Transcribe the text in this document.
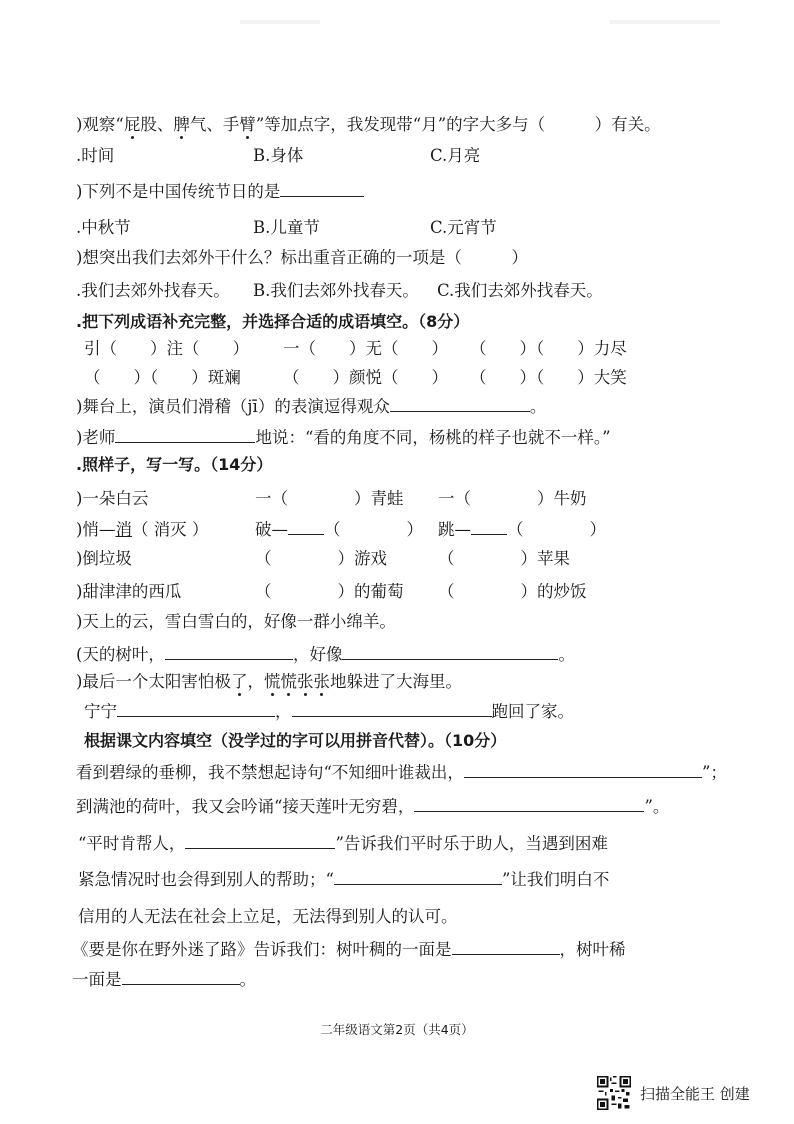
)观察“屁股、脾气、手臂”等加点字，我发现带“月”的字大多与（　　　）有关。
.时间	B.身体	C.月亮
)下列不是中国传统节日的是
.中秋节	B.儿童节	C.元宵节
)想突出我们去郊外干什么？标出重音正确的一项是（　　　）
.我们去郊外找春天。 B.我们去郊外找春天。 C.我们去郊外找春天。
.把下列成语补充完整，并选择合适的成语填空。（8分）
引（　　）注（　　） 一（　　）无（　　） （　　）（　　）力尽
（　　）（　　）斑斓	（　　）颜悦（　　） （　　）（　　）大笑
)舞台上，演员们滑稽（jī）的表演逗得观众	。
)老师	地说：“看的角度不同，杨桃的样子也就不一样。”
.照样子，写一写。（14分）
)一朵白云	一（　　　　）青蛙 一（　　　　）牛奶
)悄—消（ 消灭 ）	破— （　　　　） 跳— （　　　　）
)倒垃圾	（　　　　）游戏	（　　　　）苹果
)甜津津的西瓜	（　　　　）的葡萄 （　　　　）的炒饭
)天上的云，雪白雪白的，好像一群小绵羊。
(天的树叶，	，好像	。
)最后一个太阳害怕极了，慌慌张张地躲进了大海里。
宁宁	，	跑回了家。
根据课文内容填空（没学过的字可以用拼音代替）。（10分）
看到碧绿的垂柳，我不禁想起诗句“不知细叶谁裁出，	”；
到满池的荷叶，我又会吟诵“接天莲叶无穷碧，	”。
“平时肯帮人，	”告诉我们平时乐于助人，当遇到困难
紧急情况时也会得到别人的帮助；“	”让我们明白不
信用的人无法在社会上立足，无法得到别人的认可。
《要是你在野外迷了路》告诉我们：树叶稠的一面是	，树叶稀
一面是	。
二年级语文第2页（共4页）
扫描全能王 创建
